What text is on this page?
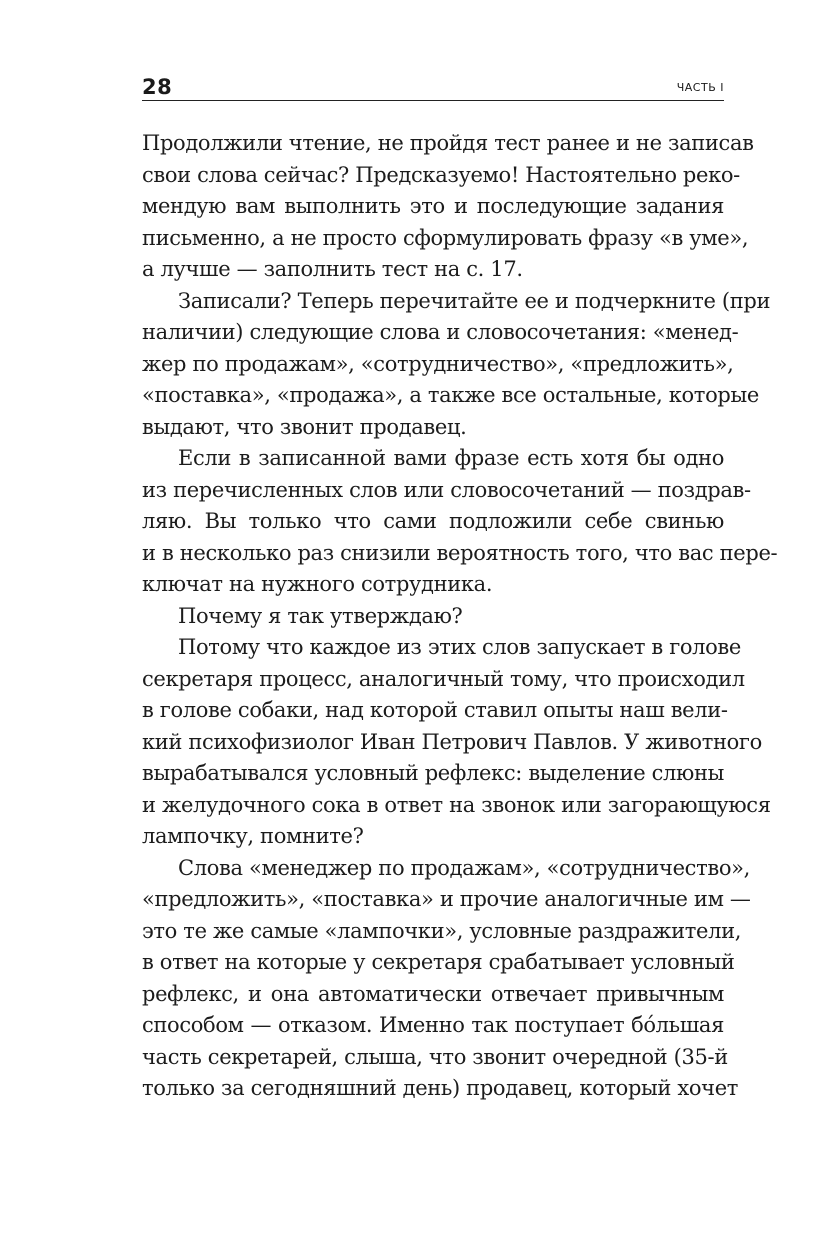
28	ЧАСТЬ I
Продолжили чтение, не пройдя тест ранее и не записав
свои слова сейчас? Предсказуемо! Настоятельно реко-
мендую вам выполнить это и последующие задания
письменно, а не просто сформулировать фразу «в уме»,
а лучше — заполнить тест на с. 17.
Записали? Теперь перечитайте ее и подчеркните (при
наличии) следующие слова и словосочетания: «менед-
жер по продажам», «сотрудничество», «предложить»,
«поставка», «продажа», а также все остальные, которые
выдают, что звонит продавец.
Если в записанной вами фразе есть хотя бы одно
из перечисленных слов или словосочетаний — поздрав-
ляю. Вы только что сами подложили себе свинью
и в несколько раз снизили вероятность того, что вас пере-
ключат на нужного сотрудника.
Почему я так утверждаю?
Потому что каждое из этих слов запускает в голове
секретаря процесс, аналогичный тому, что происходил
в голове собаки, над которой ставил опыты наш вели-
кий психофизиолог Иван Петрович Павлов. У животного
вырабатывался условный рефлекс: выделение слюны
и желудочного сока в ответ на звонок или загорающуюся
лампочку, помните?
Слова «менеджер по продажам», «сотрудничество»,
«предложить», «поставка» и прочие аналогичные им —
это те же самые «лампочки», условные раздражители,
в ответ на которые у секретаря срабатывает условный
рефлекс, и она автоматически отвечает привычным
способом — отказом. Именно так поступает бóльшая
часть секретарей, слыша, что звонит очередной (35-й
только за сегодняшний день) продавец, который хочет
